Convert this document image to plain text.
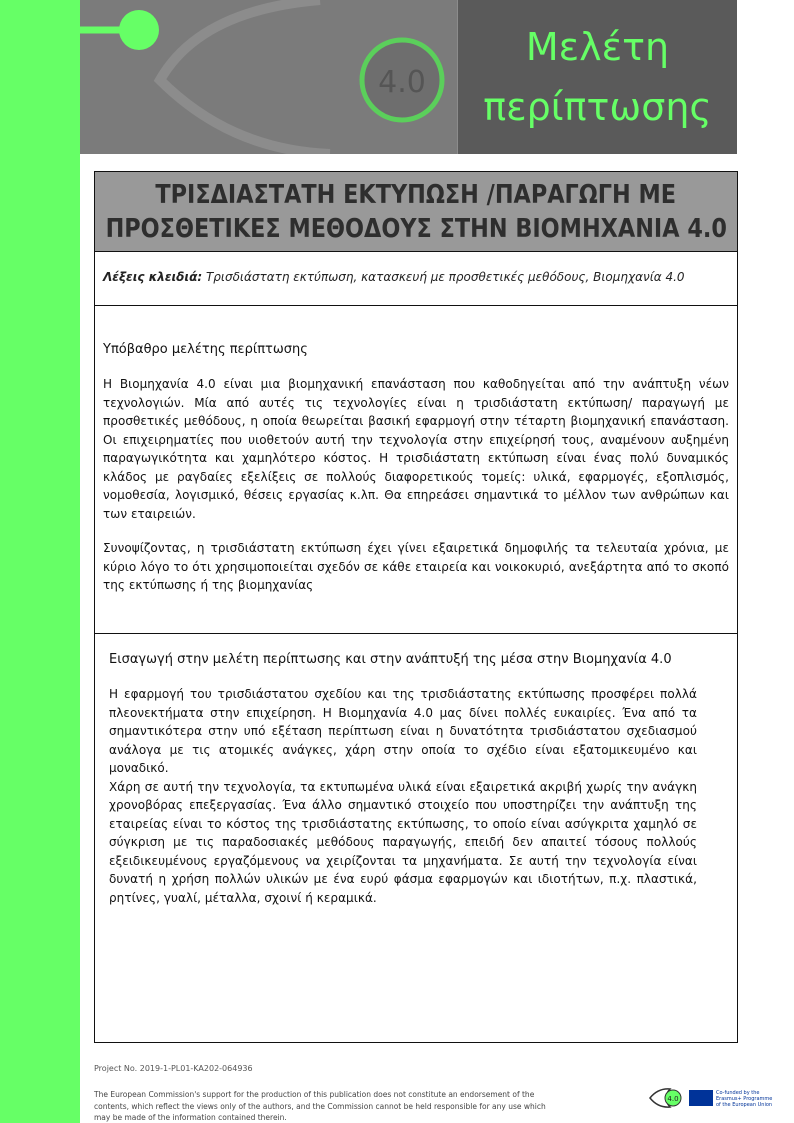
4.0
Μελέτη
περίπτωσης
ΤΡΙΣΔΙΑΣΤΑΤΗ ΕΚΤΥΠΩΣΗ /ΠΑΡΑΓΩΓΗ ΜΕ
ΠΡΟΣΘΕΤΙΚΕΣ ΜΕΘΟΔΟΥΣ ΣΤΗΝ ΒΙΟΜΗΧΑΝΙΑ 4.0
Λέξεις κλειδιά: Τρισδιάστατη εκτύπωση, κατασκευή με προσθετικές μεθόδους, Βιομηχανία 4.0
Υπόβαθρο μελέτης περίπτωσης

Η Βιομηχανία 4.0 είναι μια βιομηχανική επανάσταση που καθοδηγείται από την ανάπτυξη νέων τεχνολογιών. Μία από αυτές τις τεχνολογίες είναι η τρισδιάστατη εκτύπωση/ παραγωγή με προσθετικές μεθόδους, η οποία θεωρείται βασική εφαρμογή στην τέταρτη βιομηχανική επανάσταση. Οι επιχειρηματίες που υιοθετούν αυτή την τεχνολογία στην επιχείρησή τους, αναμένουν αυξημένη παραγωγικότητα και χαμηλότερο κόστος. Η τρισδιάστατη εκτύπωση είναι ένας πολύ δυναμικός κλάδος με ραγδαίες εξελίξεις σε πολλούς διαφορετικούς τομείς: υλικά, εφαρμογές, εξοπλισμός, νομοθεσία, λογισμικό, θέσεις εργασίας κ.λπ. Θα επηρεάσει σημαντικά το μέλλον των ανθρώπων και των εταιρειών.

Συνοψίζοντας, η τρισδιάστατη εκτύπωση έχει γίνει εξαιρετικά δημοφιλής τα τελευταία χρόνια, με κύριο λόγο το ότι χρησιμοποιείται σχεδόν σε κάθε εταιρεία και νοικοκυριό, ανεξάρτητα από το σκοπό της εκτύπωσης ή της βιομηχανίας

Εισαγωγή στην μελέτη περίπτωσης και στην ανάπτυξή της μέσα στην Βιομηχανία 4.0

Η εφαρμογή του τρισδιάστατου σχεδίου και της τρισδιάστατης εκτύπωσης προσφέρει πολλά πλεονεκτήματα στην επιχείρηση. Η Βιομηχανία 4.0 μας δίνει πολλές ευκαιρίες. Ένα από τα σημαντικότερα στην υπό εξέταση περίπτωση είναι η δυνατότητα τρισδιάστατου σχεδιασμού ανάλογα με τις ατομικές ανάγκες, χάρη στην οποία το σχέδιο είναι εξατομικευμένο και μοναδικό.

Χάρη σε αυτή την τεχνολογία, τα εκτυπωμένα υλικά είναι εξαιρετικά ακριβή χωρίς την ανάγκη χρονοβόρας επεξεργασίας. Ένα άλλο σημαντικό στοιχείο που υποστηρίζει την ανάπτυξη της εταιρείας είναι το κόστος της τρισδιάστατης εκτύπωσης, το οποίο είναι ασύγκριτα χαμηλό σε σύγκριση με τις παραδοσιακές μεθόδους παραγωγής, επειδή δεν απαιτεί τόσους πολλούς εξειδικευμένους εργαζόμενους να χειρίζονται τα μηχανήματα. Σε αυτή την τεχνολογία είναι δυνατή η χρήση πολλών υλικών με ένα ευρύ φάσμα εφαρμογών και ιδιοτήτων, π.χ. πλαστικά, ρητίνες, γυαλί, μέταλλα, σχοινί ή κεραμικά.

Project No. 2019-1-PL01-KA202-064936
The European Commission's support for the production of this publication does not constitute an endorsement of the contents, which reflect the views only of the authors, and the Commission cannot be held responsible for any use which may be made of the information contained therein.
4.0
Co-funded by the Erasmus+ Programme of the European Union
